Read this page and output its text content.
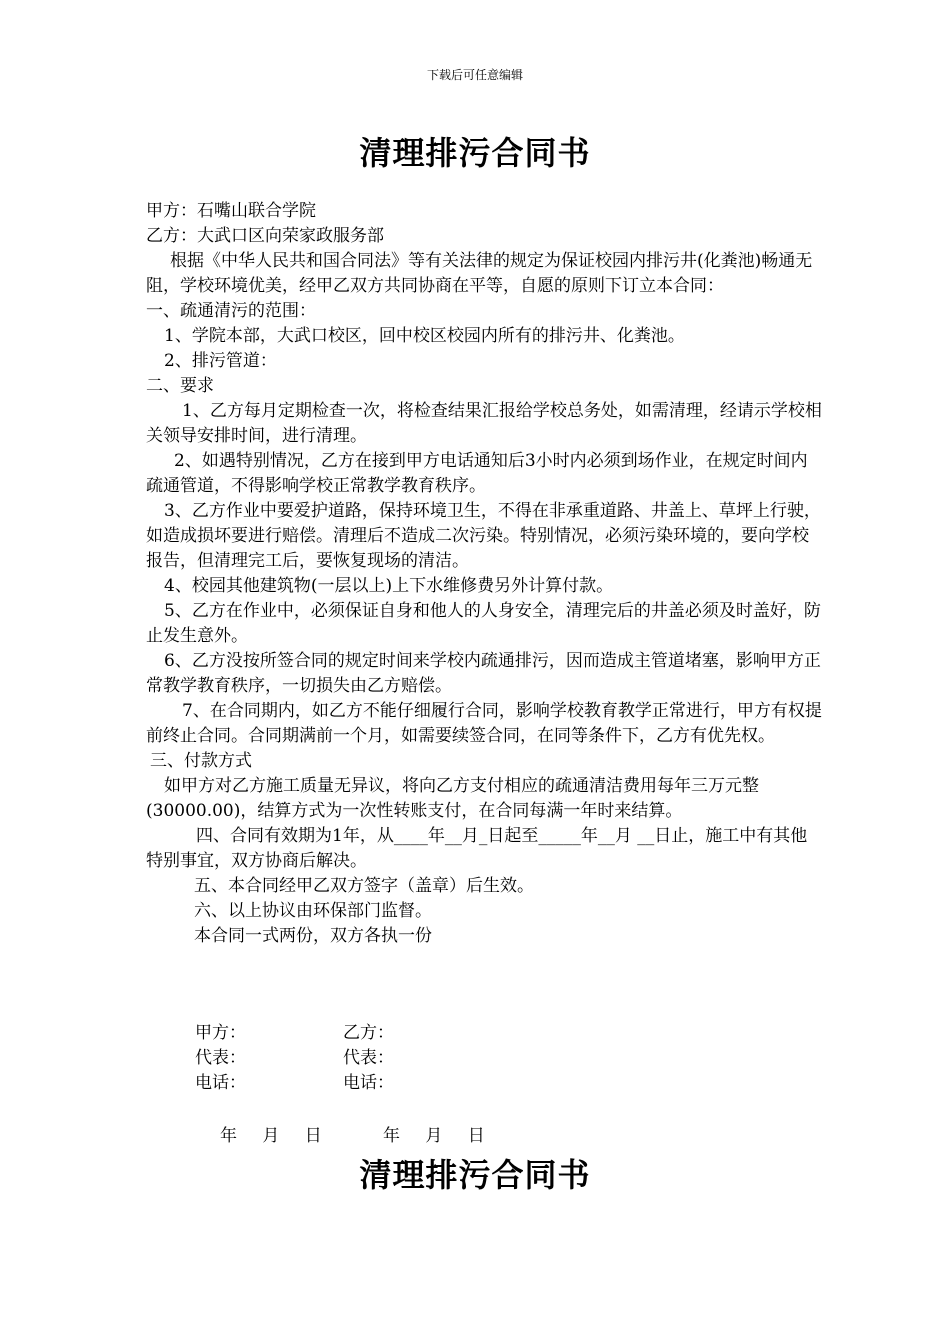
下载后可任意编辑
清理排污合同书

甲方：石嘴山联合学院

乙方：大武口区向荣家政服务部

根据《中华人民共和国合同法》等有关法律的规定为保证校园内排污井(化粪池)畅通无阻，学校环境优美，经甲乙双方共同协商在平等，自愿的原则下订立本合同：

一、疏通清污的范围：

1、学院本部，大武口校区，回中校区校园内所有的排污井、化粪池。

2、排污管道：

二、要求

1、乙方每月定期检查一次，将检查结果汇报给学校总务处，如需清理，经请示学校相关领导安排时间，进行清理。

2、如遇特别情况，乙方在接到甲方电话通知后3小时内必须到场作业，在规定时间内疏通管道，不得影响学校正常教学教育秩序。

3、乙方作业中要爱护道路，保持环境卫生，不得在非承重道路、井盖上、草坪上行驶，如造成损坏要进行赔偿。清理后不造成二次污染。特别情况，必须污染环境的，要向学校报告，但清理完工后，要恢复现场的清洁。

4、校园其他建筑物(一层以上)上下水维修费另外计算付款。

5、乙方在作业中，必须保证自身和他人的人身安全，清理完后的井盖必须及时盖好，防止发生意外。

6、乙方没按所签合同的规定时间来学校内疏通排污，因而造成主管道堵塞，影响甲方正常教学教育秩序，一切损失由乙方赔偿。

7、在合同期内，如乙方不能仔细履行合同，影响学校教育教学正常进行，甲方有权提前终止合同。合同期满前一个月，如需要续签合同，在同等条件下，乙方有优先权。

三、付款方式

如甲方对乙方施工质量无异议，将向乙方支付相应的疏通清洁费用每年三万元整(30000.00)，结算方式为一次性转账支付，在合同每满一年时来结算。

四、合同有效期为1年，从____年__月_日起至_____年__月 __日止，施工中有其他特别事宜，双方协商后解决。

五、本合同经甲乙双方签字（盖章）后生效。

六、以上协议由环保部门监督。

本合同一式两份，双方各执一份

甲方：	乙方：
代表：	代表：
电话：	电话：
年 月 日	年 月 日
清理排污合同书
